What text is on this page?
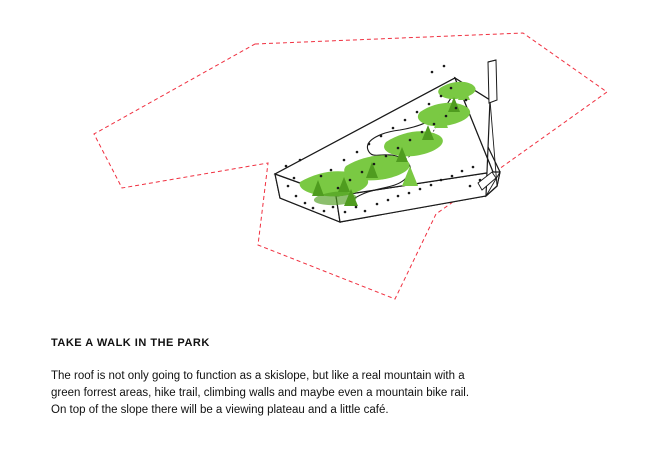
TAKE A WALK IN THE PARK

The roof is not only going to function as a skislope, but like a real mountain with a
green forrest areas, hike trail, climbing walls and maybe even a mountain bike rail.
On top of the slope there will be a viewing plateau and a little café.
